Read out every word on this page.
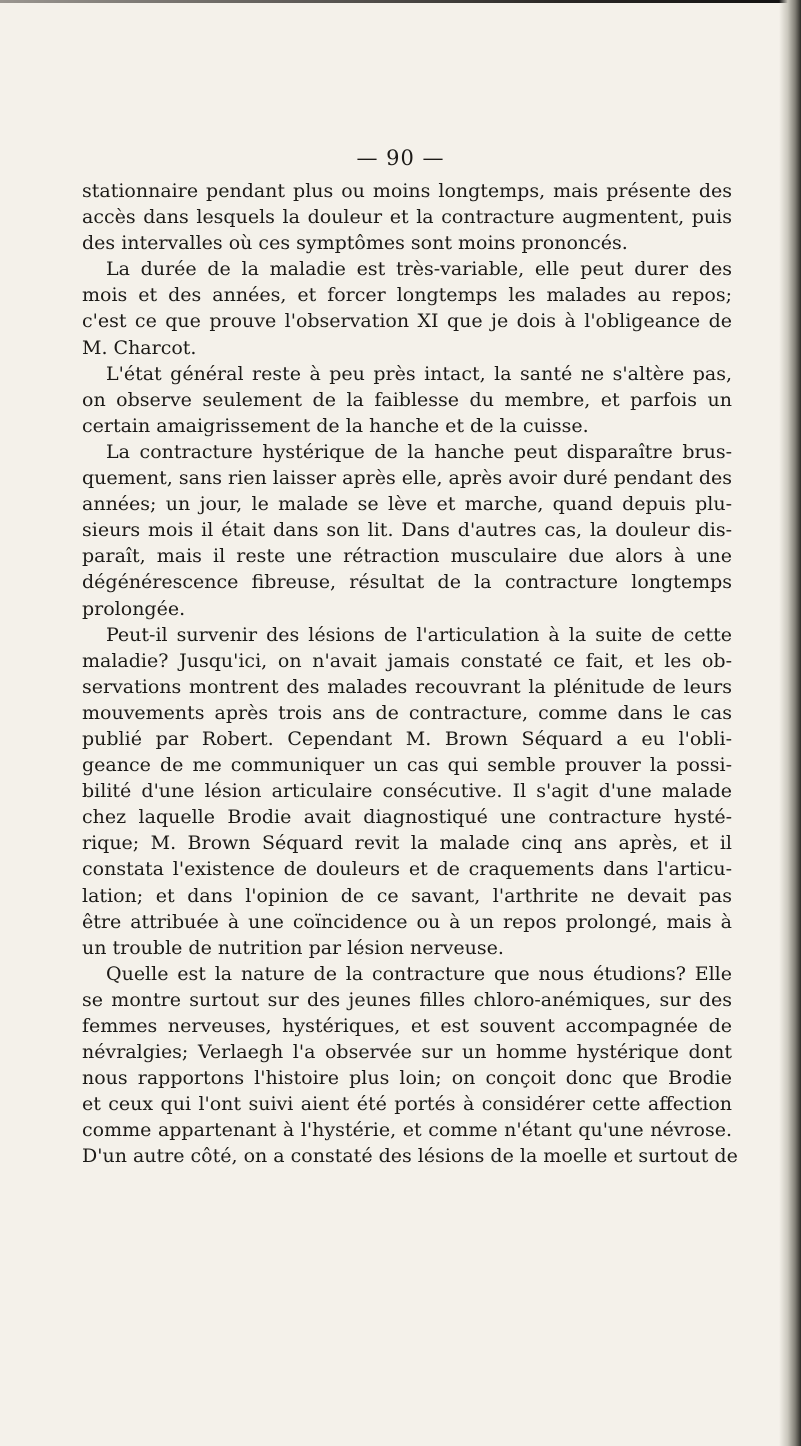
— 90 —
stationnaire pendant plus ou moins longtemps, mais présente des
accès dans lesquels la douleur et la contracture augmentent, puis
des intervalles où ces symptômes sont moins prononcés.
La durée de la maladie est très-variable, elle peut durer des
mois et des années, et forcer longtemps les malades au repos;
c'est ce que prouve l'observation XI que je dois à l'obligeance de
M. Charcot.
L'état général reste à peu près intact, la santé ne s'altère pas,
on observe seulement de la faiblesse du membre, et parfois un
certain amaigrissement de la hanche et de la cuisse.
La contracture hystérique de la hanche peut disparaître brus-
quement, sans rien laisser après elle, après avoir duré pendant des
années; un jour, le malade se lève et marche, quand depuis plu-
sieurs mois il était dans son lit. Dans d'autres cas, la douleur dis-
paraît, mais il reste une rétraction musculaire due alors à une
dégénérescence fibreuse, résultat de la contracture longtemps
prolongée.
Peut-il survenir des lésions de l'articulation à la suite de cette
maladie? Jusqu'ici, on n'avait jamais constaté ce fait, et les ob-
servations montrent des malades recouvrant la plénitude de leurs
mouvements après trois ans de contracture, comme dans le cas
publié par Robert. Cependant M. Brown Séquard a eu l'obli-
geance de me communiquer un cas qui semble prouver la possi-
bilité d'une lésion articulaire consécutive. Il s'agit d'une malade
chez laquelle Brodie avait diagnostiqué une contracture hysté-
rique; M. Brown Séquard revit la malade cinq ans après, et il
constata l'existence de douleurs et de craquements dans l'articu-
lation; et dans l'opinion de ce savant, l'arthrite ne devait pas
être attribuée à une coïncidence ou à un repos prolongé, mais à
un trouble de nutrition par lésion nerveuse.
Quelle est la nature de la contracture que nous étudions? Elle
se montre surtout sur des jeunes filles chloro-anémiques, sur des
femmes nerveuses, hystériques, et est souvent accompagnée de
névralgies; Verlaegh l'a observée sur un homme hystérique dont
nous rapportons l'histoire plus loin; on conçoit donc que Brodie
et ceux qui l'ont suivi aient été portés à considérer cette affection
comme appartenant à l'hystérie, et comme n'étant qu'une névrose.
D'un autre côté, on a constaté des lésions de la moelle et surtout de
